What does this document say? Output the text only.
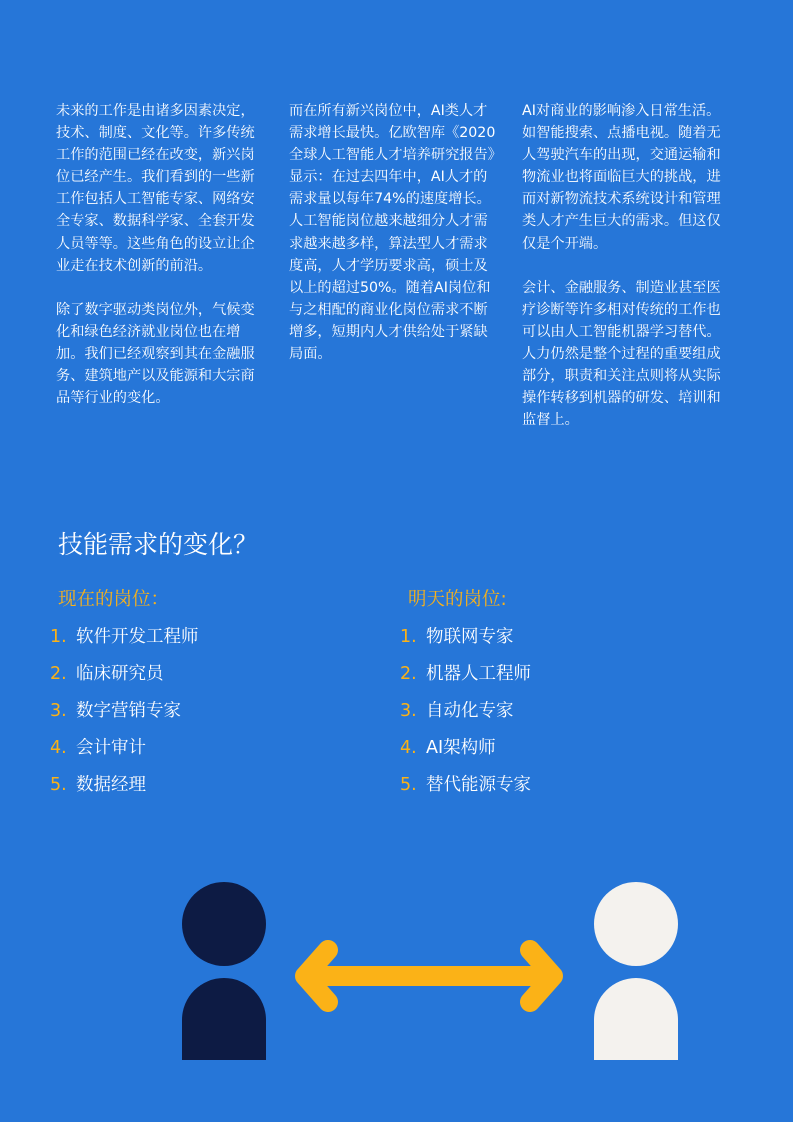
未来的工作是由诸多因素决定，技术、制度、文化等。许多传统工作的范围已经在改变，新兴岗位已经产生。我们看到的一些新工作包括人工智能专家、网络安全专家、数据科学家、全套开发人员等等。这些角色的设立让企业走在技术创新的前沿。

除了数字驱动类岗位外，气候变化和绿色经济就业岗位也在增加。我们已经观察到其在金融服务、建筑地产以及能源和大宗商品等行业的变化。

而在所有新兴岗位中，AI类人才需求增长最快。亿欧智库《2020全球人工智能人才培养研究报告》显示：在过去四年中，AI人才的需求量以每年74%的速度增长。人工智能岗位越来越细分人才需求越来越多样，算法型人才需求度高，人才学历要求高，硕士及以上的超过50%。随着AI岗位和与之相配的商业化岗位需求不断增多，短期内人才供给处于紧缺局面。

AI对商业的影响渗入日常生活。如智能搜索、点播电视。随着无人驾驶汽车的出现，交通运输和物流业也将面临巨大的挑战，进而对新物流技术系统设计和管理类人才产生巨大的需求。但这仅仅是个开端。

会计、金融服务、制造业甚至医疗诊断等许多相对传统的工作也可以由人工智能机器学习替代。人力仍然是整个过程的重要组成部分，职责和关注点则将从实际操作转移到机器的研发、培训和监督上。

技能需求的变化？
现在的岗位：
1. 软件开发工程师
2. 临床研究员
3. 数字营销专家
4. 会计审计
5. 数据经理
明天的岗位:
1. 物联网专家
2. 机器人工程师
3. 自动化专家
4. AI架构师
5. 替代能源专家
